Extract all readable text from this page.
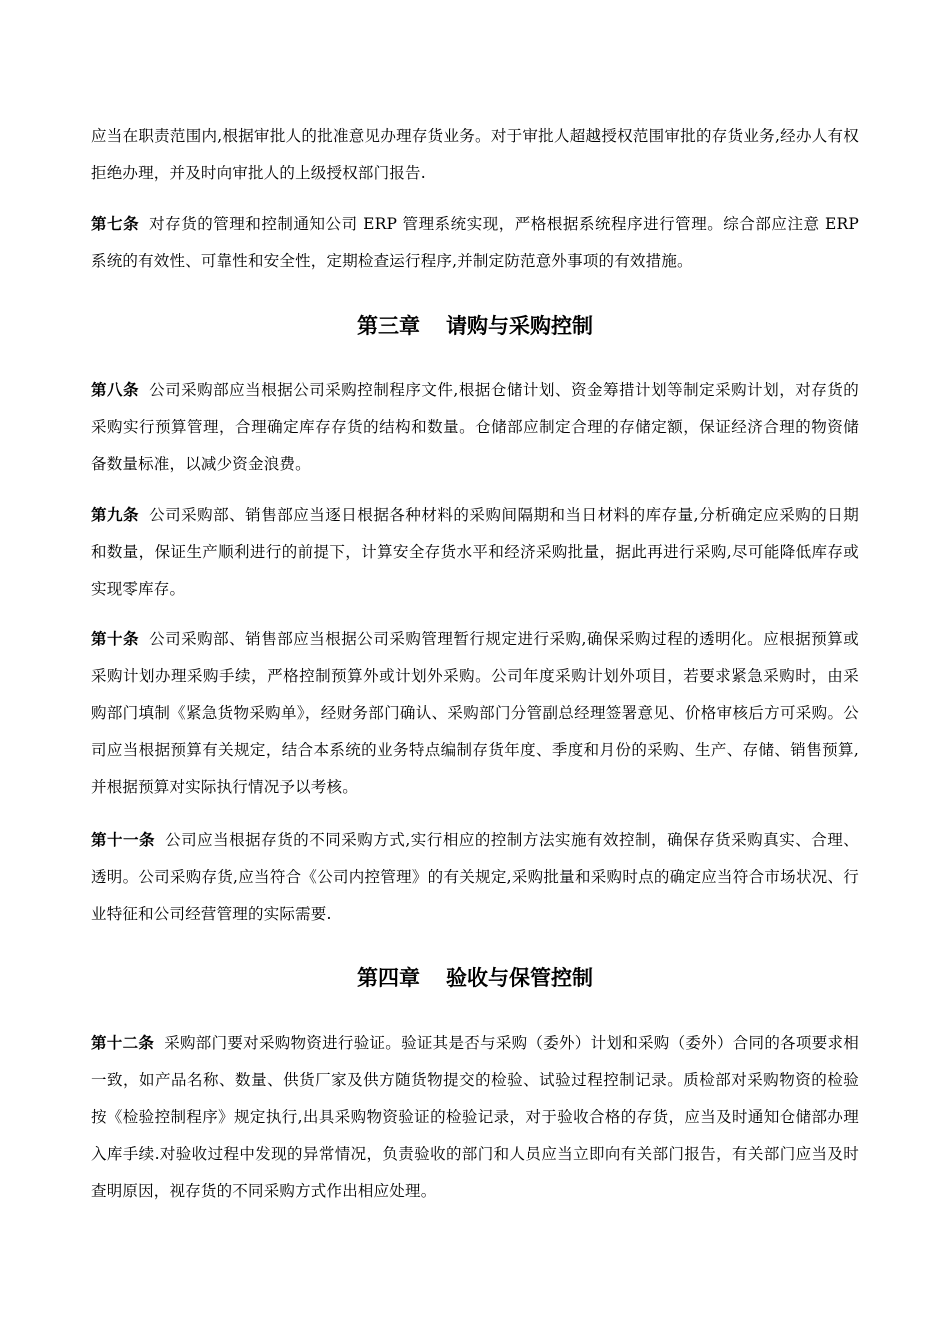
应当在职责范围内,根据审批人的批准意见办理存货业务。对于审批人超越授权范围审批的存货业务,经办人有权拒绝办理，并及时向审批人的上级授权部门报告.
第七条 对存货的管理和控制通知公司 ERP 管理系统实现，严格根据系统程序进行管理。综合部应注意 ERP 系统的有效性、可靠性和安全性，定期检查运行程序,并制定防范意外事项的有效措施。
第三章 请购与采购控制
第八条 公司采购部应当根据公司采购控制程序文件,根据仓储计划、资金筹措计划等制定采购计划，对存货的采购实行预算管理，合理确定库存存货的结构和数量。仓储部应制定合理的存储定额，保证经济合理的物资储备数量标准，以减少资金浪费。
第九条 公司采购部、销售部应当逐日根据各种材料的采购间隔期和当日材料的库存量,分析确定应采购的日期和数量，保证生产顺利进行的前提下，计算安全存货水平和经济采购批量，据此再进行采购,尽可能降低库存或实现零库存。
第十条 公司采购部、销售部应当根据公司采购管理暂行规定进行采购,确保采购过程的透明化。应根据预算或采购计划办理采购手续，严格控制预算外或计划外采购。公司年度采购计划外项目，若要求紧急采购时，由采购部门填制《紧急货物采购单》，经财务部门确认、采购部门分管副总经理签署意见、价格审核后方可采购。公司应当根据预算有关规定，结合本系统的业务特点编制存货年度、季度和月份的采购、生产、存储、销售预算,并根据预算对实际执行情况予以考核。
第十一条 公司应当根据存货的不同采购方式,实行相应的控制方法实施有效控制，确保存货采购真实、合理、透明。公司采购存货,应当符合《公司内控管理》的有关规定,采购批量和采购时点的确定应当符合市场状况、行业特征和公司经营管理的实际需要.
第四章 验收与保管控制
第十二条 采购部门要对采购物资进行验证。验证其是否与采购（委外）计划和采购（委外）合同的各项要求相一致，如产品名称、数量、供货厂家及供方随货物提交的检验、试验过程控制记录。质检部对采购物资的检验按《检验控制程序》规定执行,出具采购物资验证的检验记录，对于验收合格的存货，应当及时通知仓储部办理入库手续.对验收过程中发现的异常情况，负责验收的部门和人员应当立即向有关部门报告，有关部门应当及时查明原因，视存货的不同采购方式作出相应处理。
